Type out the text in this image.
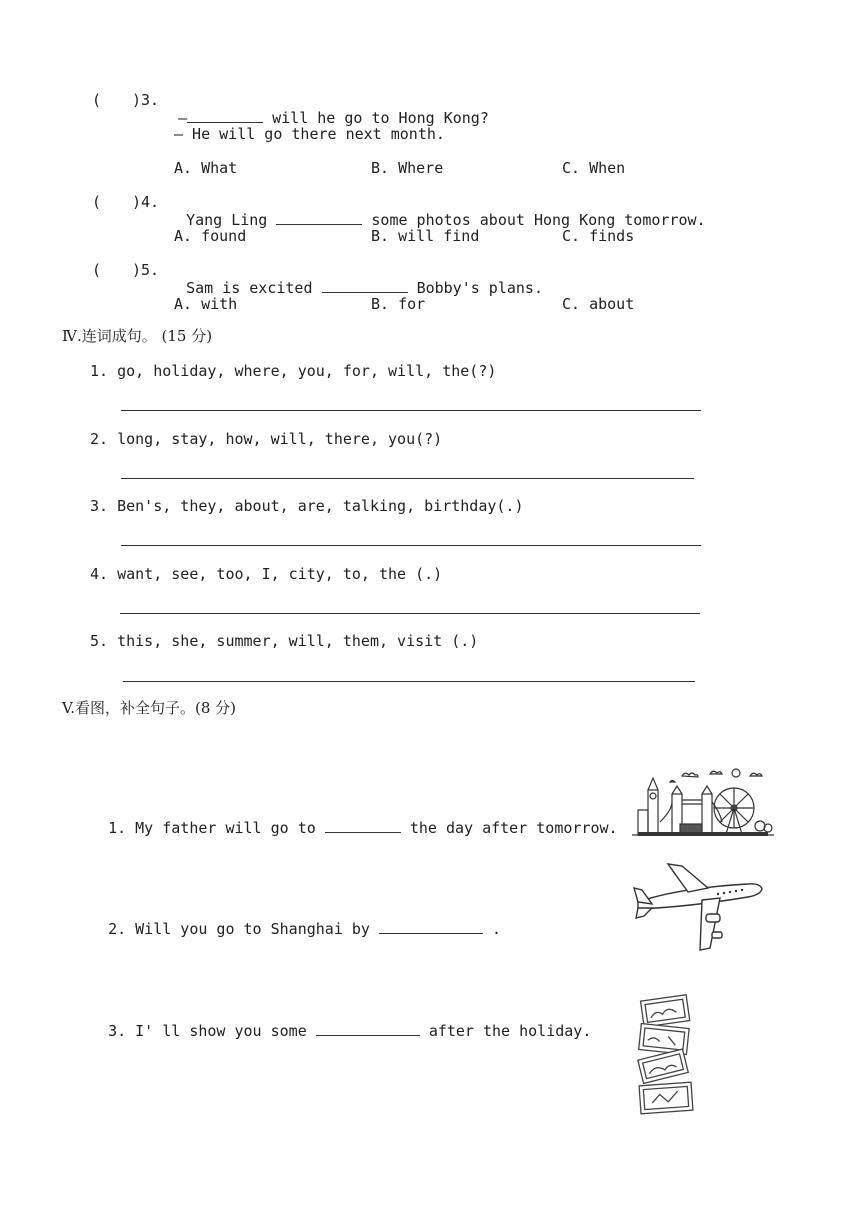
( )3.

—	will he go to Hong Kong?

— He will go there next month.
A. What	B. Where	C. When
( )4.

Yang Ling	some photos about Hong Kong tomorrow.

A. found	B. will find	C. finds
( )5.

Sam is excited	Bobby's plans.

A. with	B. for	C. about
Ⅳ.连词成句。 (15 分)
1. go, holiday, where, you, for, will, the(?)
2. long, stay, how, will, there, you(?)
3. Ben's, they, about, are, talking, birthday(.)
4. want, see, too, I, city, to, the (.)
5. this, she, summer, will, them, visit (.)
V.看图，补全句子。(8 分)

1. My father will go to	the day after tomorrow.

2. Will you go to Shanghai by	.

3. I' ll show you some	after the holiday.
